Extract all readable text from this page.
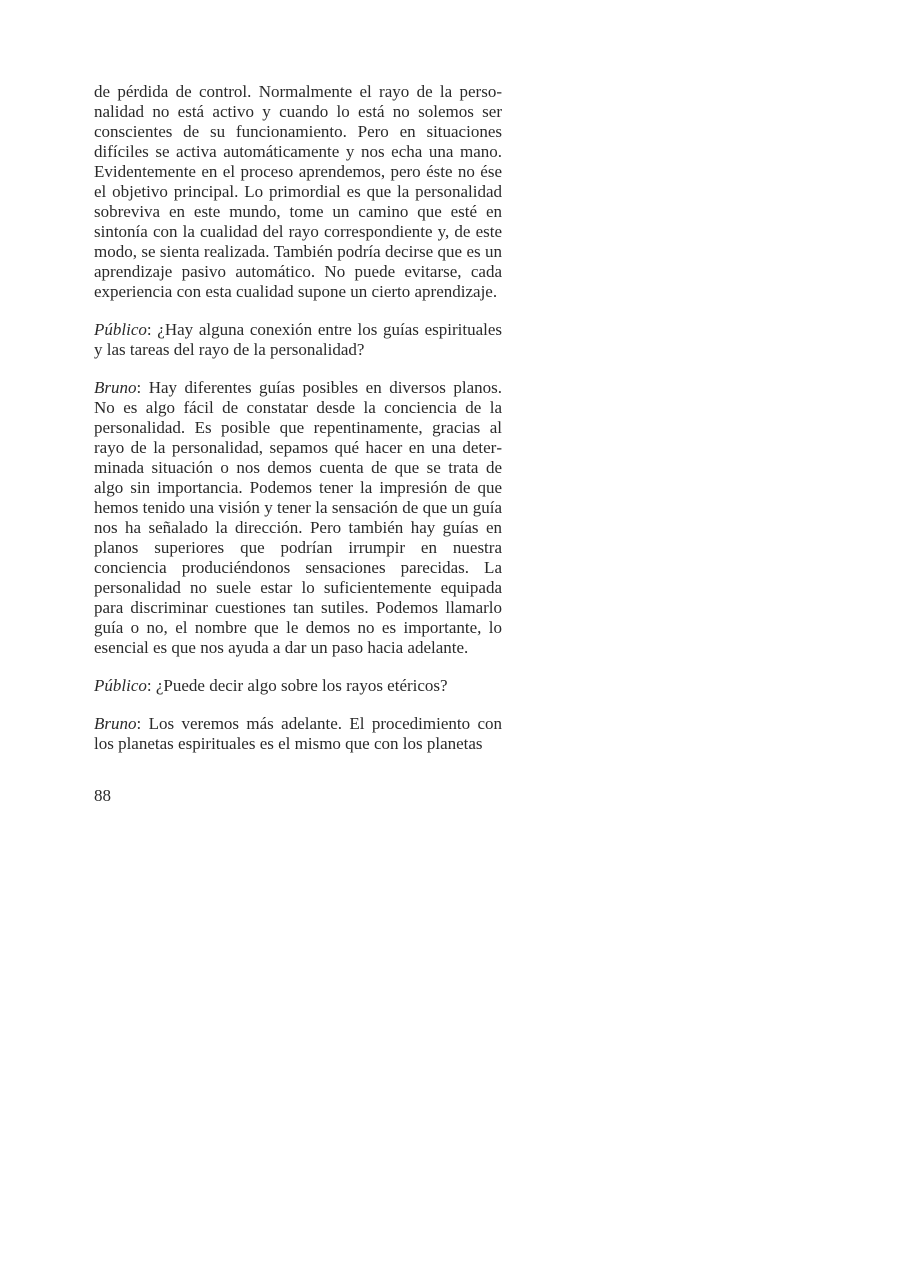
de pérdida de control. Normalmente el rayo de la personalidad no está activo y cuando lo está no solemos ser conscientes de su funcionamiento. Pero en situaciones difíciles se activa automáticamente y nos echa una mano. Evidentemente en el proceso aprendemos, pero éste no ése el objetivo principal. Lo primordial es que la personalidad sobreviva en este mundo, tome un camino que esté en sintonía con la cualidad del rayo correspondiente y, de este modo, se sienta realizada. También podría decirse que es un aprendizaje pasivo automático. No puede evitarse, cada experiencia con esta cualidad supone un cierto aprendizaje.

Público: ¿Hay alguna conexión entre los guías espirituales y las tareas del rayo de la personalidad?

Bruno: Hay diferentes guías posibles en diversos planos. No es algo fácil de constatar desde la conciencia de la personalidad. Es posible que repentinamente, gracias al rayo de la personalidad, sepamos qué hacer en una determinada situación o nos demos cuenta de que se trata de algo sin importancia. Podemos tener la impresión de que hemos tenido una visión y tener la sensación de que un guía nos ha señalado la dirección. Pero también hay guías en planos superiores que podrían irrumpir en nuestra conciencia produciéndonos sensaciones parecidas. La personalidad no suele estar lo suficientemente equipada para discriminar cuestiones tan sutiles. Podemos llamarlo guía o no, el nombre que le demos no es importante, lo esencial es que nos ayuda a dar un paso hacia adelante.

Público: ¿Puede decir algo sobre los rayos etéricos?

Bruno: Los veremos más adelante. El procedimiento con los planetas espirituales es el mismo que con los planetas

88
